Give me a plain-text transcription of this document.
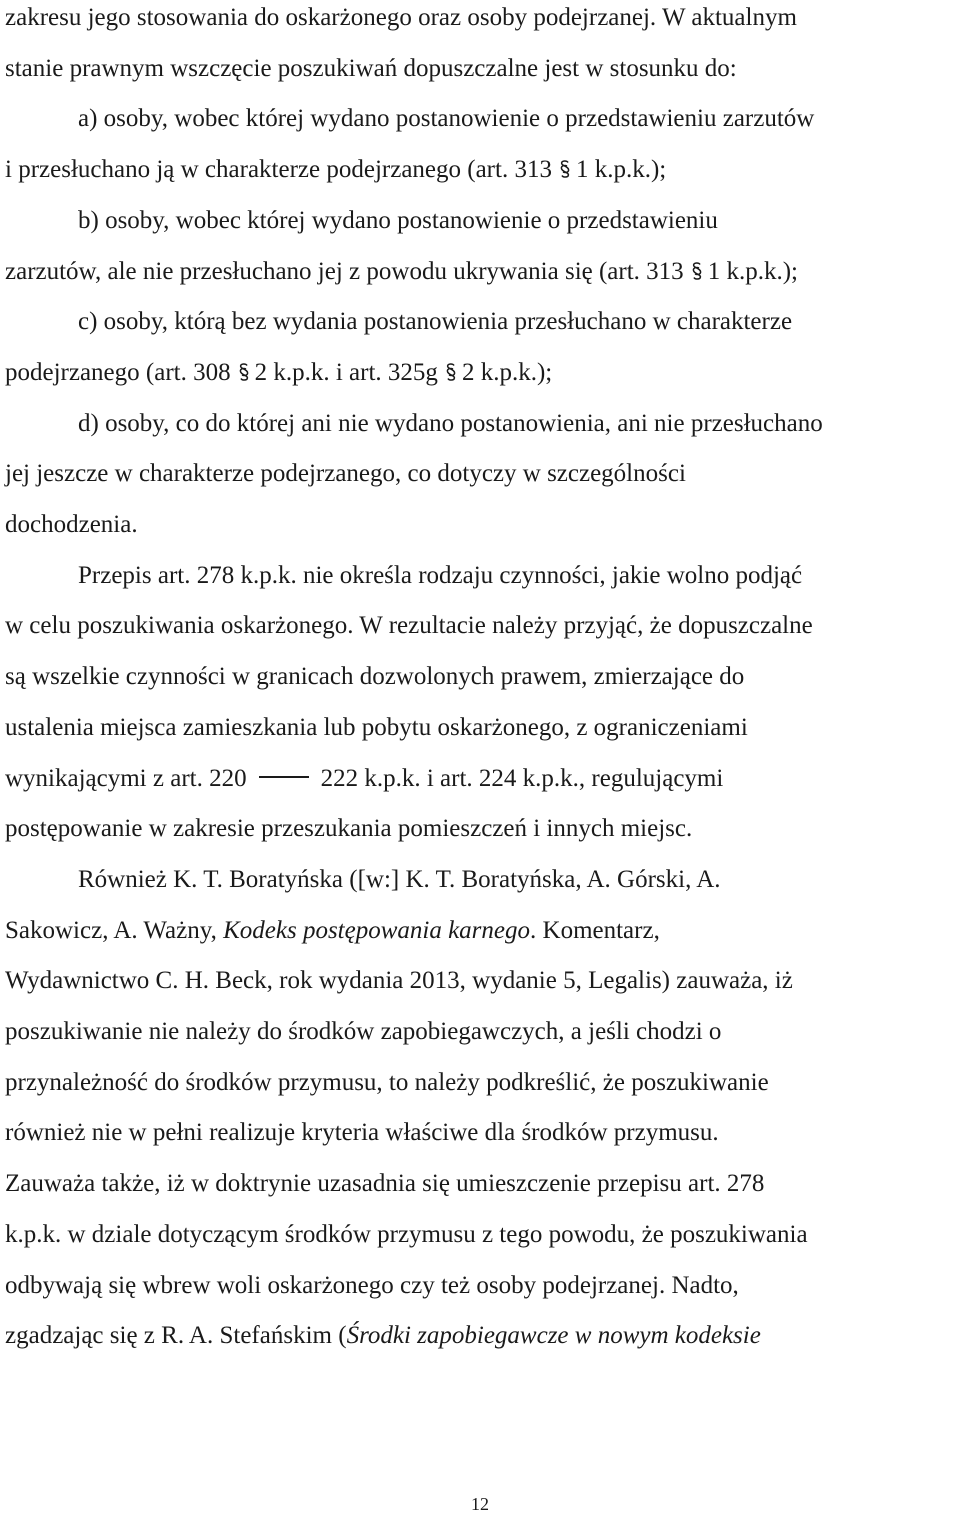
zakresu jego stosowania do oskarżonego oraz osoby podejrzanej. W aktualnym
stanie prawnym wszczęcie poszukiwań dopuszczalne jest w stosunku do:

a) osoby, wobec której wydano postanowienie o przedstawieniu zarzutów
i przesłuchano ją w charakterze podejrzanego (art. 313 1 k.p.k.);

b) osoby, wobec której wydano postanowienie o przedstawieniu
zarzutów, ale nie przesłuchano jej z powodu ukrywania się (art. 313 1 k.p.k.);

c) osoby, którą bez wydania postanowienia przesłuchano w charakterze
podejrzanego (art. 308 2 k.p.k. i art. 325g 2 k.p.k.);

d) osoby, co do której ani nie wydano postanowienia, ani nie przesłuchano
jej jeszcze w charakterze podejrzanego, co dotyczy w szczególności
dochodzenia.

Przepis art. 278 k.p.k. nie określa rodzaju czynności, jakie wolno podjąć
w celu poszukiwania oskarżonego. W rezultacie należy przyjąć, że dopuszczalne
są wszelkie czynności w granicach dozwolonych prawem, zmierzające do
ustalenia miejsca zamieszkania lub pobytu oskarżonego, z ograniczeniami
wynikającymi z art. 220	222 k.p.k. i art. 224 k.p.k., regulującymi
postępowanie w zakresie przeszukania pomieszczeń i innych miejsc.

Również K. T. Boratyńska ([w:] K. T. Boratyńska, A. Górski, A.
Sakowicz, A. Ważny, Kodeks postępowania karnego. Komentarz,
Wydawnictwo C. H. Beck, rok wydania 2013, wydanie 5, Legalis) zauważa, iż
poszukiwanie nie należy do środków zapobiegawczych, a jeśli chodzi o
przynależność do środków przymusu, to należy podkreślić, że poszukiwanie
również nie w pełni realizuje kryteria właściwe dla środków przymusu.
Zauważa także, iż w doktrynie uzasadnia się umieszczenie przepisu art. 278
k.p.k. w dziale dotyczącym środków przymusu z tego powodu, że poszukiwania
odbywają się wbrew woli oskarżonego czy też osoby podejrzanej. Nadto,
zgadzając się z R. A. Stefańskim (Środki zapobiegawcze w nowym kodeksie

12
